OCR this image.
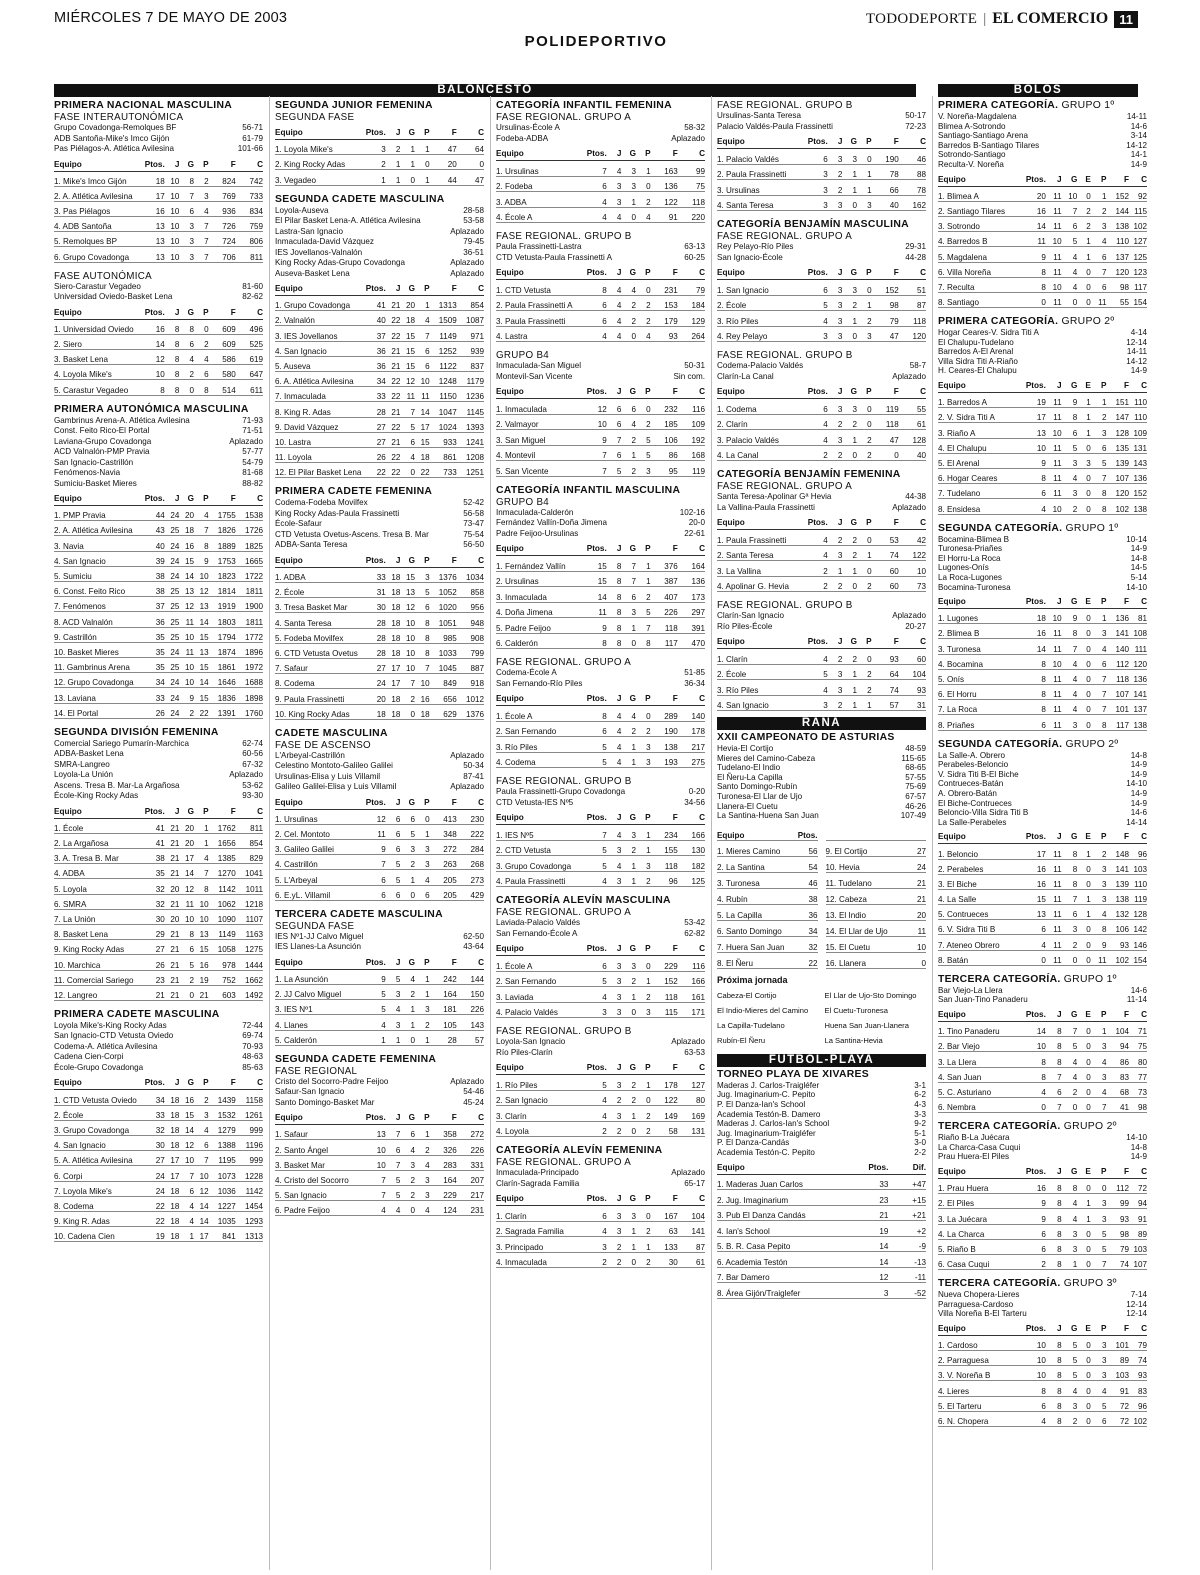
MIÉRCOLES 7 DE MAYO DE 2003
POLIDEPORTIVO
TODODEPORTE | EL COMERCIO 11
BALONCESTO	BOLOS
PRIMERA NACIONAL MASCULINA
FASE INTERAUTONÓMICA
Grupo Covadonga-Remolques BF	56-71
ADB Santoña-Mike's Imco Gijón	61-79
Pas Piélagos-A. Atlética Avilesina	101-66
Equipo	Ptos.	J	G	P	F	C
1. Mike's Imco Gijón	18	10	8	2	824	742
2. A. Atlética Avilesina	17	10	7	3	769	733
3. Pas Piélagos	16	10	6	4	936	834
4. ADB Santoña	13	10	3	7	726	759
5. Remolques BP	13	10	3	7	724	806
6. Grupo Covadonga	13	10	3	7	706	811
FASE AUTONÓMICA
Siero-Carastur Vegadeo	81-60
Universidad Oviedo-Basket Lena	82-62
Equipo	Ptos.	J	G	P	F	C
1. Universidad Oviedo	16	8	8	0	609	496
2. Siero	14	8	6	2	609	525
3. Basket Lena	12	8	4	4	586	619
4. Loyola Mike's	10	8	2	6	580	647
5. Carastur Vegadeo	8	8	0	8	514	611
PRIMERA AUTONÓMICA MASCULINA
Gambrinus Arena-A. Atlética Avilesina	71-93
Const. Feito Rico-El Portal	71-51
Laviana-Grupo Covadonga	Aplazado
ACD Valnalón-PMP Pravia	57-77
San Ignacio-Castrillón	54-79
Fenómenos-Navia	81-68
Sumiciu-Basket Mieres	88-82
Equipo	Ptos.	J	G	P	F	C
1. PMP Pravia	44	24	20	4	1755	1538
2. A. Atlética Avilesina	43	25	18	7	1826	1726
3. Navia	40	24	16	8	1889	1825
4. San Ignacio	39	24	15	9	1753	1665
5. Sumiciu	38	24	14	10	1823	1722
6. Const. Feito Rico	38	25	13	12	1814	1811
7. Fenómenos	37	25	12	13	1919	1900
8. ACD Valnalón	36	25	11	14	1803	1811
9. Castrillón	35	25	10	15	1794	1772
10. Basket Mieres	35	24	11	13	1874	1896
11. Gambrinus Arena	35	25	10	15	1861	1972
12. Grupo Covadonga	34	24	10	14	1646	1688
13. Laviana	33	24	9	15	1836	1898
14. El Portal	26	24	2	22	1391	1760
SEGUNDA DIVISIÓN FEMENINA
Comercial Sariego Pumarín-Marchica	62-74
ADBA-Basket Lena	60-56
SMRA-Langreo	67-32
Loyola-La Unión	Aplazado
Ascens. Tresa B. Mar-La Argañosa	53-62
École-King Rocky Adas	93-30
Equipo	Ptos.	J	G	P	F	C
1. École	41	21	20	1	1762	811
2. La Argañosa	41	21	20	1	1656	854
3. A. Tresa B. Mar	38	21	17	4	1385	829
4. ADBA	35	21	14	7	1270	1041
5. Loyola	32	20	12	8	1142	1011
6. SMRA	32	21	11	10	1062	1218
7. La Unión	30	20	10	10	1090	1107
8. Basket Lena	29	21	8	13	1149	1163
9. King Rocky Adas	27	21	6	15	1058	1275
10. Marchica	26	21	5	16	978	1444
11. Comercial Sariego	23	21	2	19	752	1662
12. Langreo	21	21	0	21	603	1492
PRIMERA CADETE MASCULINA
Loyola Mike's-King Rocky Adas	72-44
San Ignacio-CTD Vetusta Oviedo	69-74
Codema-A. Atlética Avilesina	70-93
Cadena Cien-Corpi	48-63
École-Grupo Covadonga	85-63
Equipo	Ptos.	J	G	P	F	C
1. CTD Vetusta Oviedo	34	18	16	2	1439	1158
2. École	33	18	15	3	1532	1261
3. Grupo Covadonga	32	18	14	4	1279	999
4. San Ignacio	30	18	12	6	1388	1196
5. A. Atlética Avilesina	27	17	10	7	1195	999
6. Corpi	24	17	7	10	1073	1228
7. Loyola Mike's	24	18	6	12	1036	1142
8. Codema	22	18	4	14	1227	1454
9. King R. Adas	22	18	4	14	1035	1293
10. Cadena Cien	19	18	1	17	841	1313
SEGUNDA JUNIOR FEMENINA
SEGUNDA FASE
Equipo	Ptos.	J	G	P	F	C
1. Loyola Mike's	3	2	1	1	47	64
2. King Rocky Adas	2	1	1	0	20	0
3. Vegadeo	1	1	0	1	44	47
SEGUNDA CADETE MASCULINA
Loyola-Auseva	28-58
El Pilar Basket Lena-A. Atlética Avilesina	53-58
Lastra-San Ignacio	Aplazado
Inmaculada-David Vázquez	79-45
IES Jovellanos-Valnalón	36-51
King Rocky Adas-Grupo Covadonga	Aplazado
Auseva-Basket Lena	Aplazado
Equipo	Ptos.	J	G	P	F	C
1. Grupo Covadonga	41	21	20	1	1313	854
2. Valnalón	40	22	18	4	1509	1087
3. IES Jovellanos	37	22	15	7	1149	971
4. San Ignacio	36	21	15	6	1252	939
5. Auseva	36	21	15	6	1122	837
6. A. Atlética Avilesina	34	22	12	10	1248	1179
7. Inmaculada	33	22	11	11	1150	1236
8. King R. Adas	28	21	7	14	1047	1145
9. David Vázquez	27	22	5	17	1024	1393
10. Lastra	27	21	6	15	933	1241
11. Loyola	26	22	4	18	861	1208
12. El Pilar Basket Lena	22	22	0	22	733	1251
PRIMERA CADETE FEMENINA
Codema-Fodeba Movilfex	52-42
King Rocky Adas-Paula Frassinetti	56-58
École-Safaur	73-47
CTD Vetusta Ovetus-Ascens. Tresa B. Mar	75-54
ADBA-Santa Teresa	56-50
Equipo	Ptos.	J	G	P	F	C
1. ADBA	33	18	15	3	1376	1034
2. École	31	18	13	5	1052	858
3. Tresa Basket Mar	30	18	12	6	1020	956
4. Santa Teresa	28	18	10	8	1051	948
5. Fodeba Movilfex	28	18	10	8	985	908
6. CTD Vetusta Ovetus	28	18	10	8	1033	799
7. Safaur	27	17	10	7	1045	887
8. Codema	24	17	7	10	849	918
9. Paula Frassinetti	20	18	2	16	656	1012
10. King Rocky Adas	18	18	0	18	629	1376
CADETE MASCULINA
FASE DE ASCENSO
L'Arbeyal-Castrillón	Aplazado
Celestino Montoto-Galileo Galilei	50-34
Ursulinas-Elisa y Luis Villamil	87-41
Galileo Galilei-Elisa y Luis Villamil	Aplazado
Equipo	Ptos.	J	G	P	F	C
1. Ursulinas	12	6	6	0	413	230
2. Cel. Montoto	11	6	5	1	348	222
3. Galileo Galilei	9	6	3	3	272	284
4. Castrillón	7	5	2	3	263	268
5. L'Arbeyal	6	5	1	4	205	273
6. E.yL. Villamil	6	6	0	6	205	429
TERCERA CADETE MASCULINA
SEGUNDA FASE
IES Nº1-JJ Calvo Miguel	62-50
IES Llanes-La Asunción	43-64
Equipo	Ptos.	J	G	P	F	C
1. La Asunción	9	5	4	1	242	144
2. JJ Calvo Miguel	5	3	2	1	164	150
3. IES Nº1	5	4	1	3	181	226
4. Llanes	4	3	1	2	105	143
5. Calderón	1	1	0	1	28	57
SEGUNDA CADETE FEMENINA
FASE REGIONAL
Cristo del Socorro-Padre Feijoo	Aplazado
Safaur-San Ignacio	54-46
Santo Domingo-Basket Mar	45-24
Equipo	Ptos.	J	G	P	F	C
1. Safaur	13	7	6	1	358	272
2. Santo Ángel	10	6	4	2	326	226
3. Basket Mar	10	7	3	4	283	331
4. Cristo del Socorro	7	5	2	3	164	207
5. San Ignacio	7	5	2	3	229	217
6. Padre Feijoo	4	4	0	4	124	231
CATEGORÍA INFANTIL FEMENINA
FASE REGIONAL. GRUPO A
Ursulinas-École A	58-32
Fodeba-ADBA	Aplazado
Equipo	Ptos.	J	G	P	F	C
1. Ursulinas	7	4	3	1	163	99
2. Fodeba	6	3	3	0	136	75
3. ADBA	4	3	1	2	122	118
4. École A	4	4	0	4	91	220
FASE REGIONAL. GRUPO B
Paula Frassinetti-Lastra	63-13
CTD Vetusta-Paula Frassinetti A	60-25
Equipo	Ptos.	J	G	P	F	C
1. CTD Vetusta	8	4	4	0	231	79
2. Paula Frassinetti A	6	4	2	2	153	184
3. Paula Frassinetti	6	4	2	2	179	129
4. Lastra	4	4	0	4	93	264
GRUPO B4
Inmaculada-San Miguel	50-31
Montevil-San Vicente	Sin com.
Equipo	Ptos.	J	G	P	F	C
1. Inmaculada	12	6	6	0	232	116
2. Valmayor	10	6	4	2	185	109
3. San Miguel	9	7	2	5	106	192
4. Montevil	7	6	1	5	86	168
5. San Vicente	7	5	2	3	95	119
CATEGORÍA INFANTIL MASCULINA
GRUPO B4
Inmaculada-Calderón	102-16
Fernández Vallín-Doña Jimena	20-0
Padre Feijoo-Ursulinas	22-61
Equipo	Ptos.	J	G	P	F	C
1. Fernández Vallín	15	8	7	1	376	164
2. Ursulinas	15	8	7	1	387	136
3. Inmaculada	14	8	6	2	407	173
4. Doña Jimena	11	8	3	5	226	297
5. Padre Feijoo	9	8	1	7	118	391
6. Calderón	8	8	0	8	117	470
FASE REGIONAL. GRUPO A
Codema-École A	51-85
San Fernando-Río Piles	36-34
Equipo	Ptos.	J	G	P	F	C
1. École A	8	4	4	0	289	140
2. San Fernando	6	4	2	2	190	178
3. Río Piles	5	4	1	3	138	217
4. Codema	5	4	1	3	193	275
FASE REGIONAL. GRUPO B
Paula Frassinetti-Grupo Covadonga	0-20
CTD Vetusta-IES Nº5	34-56
Equipo	Ptos.	J	G	P	F	C
1. IES Nº5	7	4	3	1	234	166
2. CTD Vetusta	5	3	2	1	155	130
3. Grupo Covadonga	5	4	1	3	118	182
4. Paula Frassinetti	4	3	1	2	96	125
CATEGORÍA ALEVÍN MASCULINA
FASE REGIONAL. GRUPO A
Laviada-Palacio Valdés	53-42
San Fernando-École A	62-82
Equipo	Ptos.	J	G	P	F	C
1. École A	6	3	3	0	229	116
2. San Fernando	5	3	2	1	152	166
3. Laviada	4	3	1	2	118	161
4. Palacio Valdés	3	3	0	3	115	171
FASE REGIONAL. GRUPO B
Loyola-San Ignacio	Aplazado
Río Piles-Clarín	63-53
Equipo	Ptos.	J	G	P	F	C
1. Río Piles	5	3	2	1	178	127
2. San Ignacio	4	2	2	0	122	80
3. Clarín	4	3	1	2	149	169
4. Loyola	2	2	0	2	58	131
CATEGORÍA ALEVÍN FEMENINA
FASE REGIONAL. GRUPO A
Inmaculada-Principado	Aplazado
Clarín-Sagrada Familia	65-17
Equipo	Ptos.	J	G	P	F	C
1. Clarín	6	3	3	0	167	104
2. Sagrada Familia	4	3	1	2	63	141
3. Principado	3	2	1	1	133	87
4. Inmaculada	2	2	0	2	30	61
FASE REGIONAL. GRUPO B
Ursulinas-Santa Teresa	50-17
Palacio Valdés-Paula Frassinetti	72-23
Equipo	Ptos.	J	G	P	F	C
1. Palacio Valdés	6	3	3	0	190	46
2. Paula Frassinetti	3	2	1	1	78	88
3. Ursulinas	3	2	1	1	66	78
4. Santa Teresa	3	3	0	3	40	162
CATEGORÍA BENJAMÍN MASCULINA
FASE REGIONAL. GRUPO A
Rey Pelayo-Río Piles	29-31
San Ignacio-École	44-28
Equipo	Ptos.	J	G	P	F	C
1. San Ignacio	6	3	3	0	152	51
2. École	5	3	2	1	98	87
3. Río Piles	4	3	1	2	79	118
4. Rey Pelayo	3	3	0	3	47	120
FASE REGIONAL. GRUPO B
Codema-Palacio Valdés	58-7
Clarín-La Canal	Aplazado
Equipo	Ptos.	J	G	P	F	C
1. Codema	6	3	3	0	119	55
2. Clarín	4	2	2	0	118	61
3. Palacio Valdés	4	3	1	2	47	128
4. La Canal	2	2	0	2	0	40
CATEGORÍA BENJAMÍN FEMENINA
FASE REGIONAL. GRUPO A
Santa Teresa-Apolinar Gª Hevia	44-38
La Vallina-Paula Frassinetti	Aplazado
Equipo	Ptos.	J	G	P	F	C
1. Paula Frassinetti	4	2	2	0	53	42
2. Santa Teresa	4	3	2	1	74	122
3. La Vallina	2	1	1	0	60	10
4. Apolinar G. Hevia	2	2	0	2	60	73
FASE REGIONAL. GRUPO B
Clarín-San Ignacio	Aplazado
Río Piles-École	20-27
Equipo	Ptos.	J	G	P	F	C
1. Clarín	4	2	2	0	93	60
2. École	5	3	1	2	64	104
3. Río Piles	4	3	1	2	74	93
4. San Ignacio	3	2	1	1	57	31
RANA
XXII CAMPEONATO DE ASTURIAS
Hevia-El Cortijo	48-59
Mieres del Camino-Cabeza	115-65
Tudelano-El Indio	68-65
El Ñeru-La Capilla	57-55
Santo Domingo-Rubín	75-69
Turonesa-El Llar de Ujo	67-57
Llanera-El Cuetu	46-26
La Santina-Huena San Juan	107-49
Equipo	Ptos.
1. Mieres Camino	56 9. El Cortijo	27
2. La Santina	54 10. Hevia	24
3. Turonesa	46 11. Tudelano	21
4. Rubín	38 12. Cabeza	21
5. La Capilla	36 13. El Indio	20
6. Santo Domingo	34 14. El Llar de Ujo	11
7. Huera San Juan	32 15. El Cuetu	10
8. El Ñeru	22 16. Llanera	0
Próxima jornada
Cabeza-El Cortijo	El Llar de Ujo-Sto Domingo
El Indio-Mieres del Camino	El Cuetu-Turonesa
La Capilla-Tudelano	Huena San Juan-Llanera
Rubín-El Ñeru	La Santina-Hevia
FÚTBOL-PLAYA
TORNEO PLAYA DE XIVARES
Maderas J. Carlos-Traigléfer	3-1
Jug. Imaginarium-C. Pepito	6-2
P. El Danza-Ian's School	4-3
Academia Testón-B. Damero	3-3
Maderas J. Carlos-Ian's School	9-2
Jug. Imaginarium-Traigléfer	5-1
P. El Danza-Candás	3-0
Academia Testón-C. Pepito	2-2
Equipo	Ptos.	Dif.
1. Maderas Juan Carlos	33	+47
2. Jug. Imaginarium	23	+15
3. Pub El Danza Candás	21	+21
4. Ian's School	19	+2
5. B. R. Casa Pepito	14	-9
6. Academia Testón	14	-13
7. Bar Damero	12	-11
8. Área Gijón/Traiglefer	3	-52
PRIMERA CATEGORÍA. GRUPO 1º
V. Noreña-Magdalena	14-11
Blimea A-Sotrondo	14-6
Santiago-Santiago Arena	3-14
Barredos B-Santiago Tilares	14-12
Sotrondo-Santiago	14-1
Recultа-V. Noreña	14-9
Equipo	Ptos.	J	G	E	P	F	C
1. Blimea A	20	11	10	0	1	152	92
2. Santiago Tilares	16	11	7	2	2	144	115
3. Sotrondo	14	11	6	2	3	138	102
4. Barredos B	11	10	5	1	4	110	127
5. Magdalena	9	11	4	1	6	137	125
6. Villa Noreña	8	11	4	0	7	120	123
7. Recultа	8	10	4	0	6	98	117
8. Santiago	0	11	0	0	11	55	154
PRIMERA CATEGORÍA. GRUPO 2º
Hogar Ceares-V. Sidra Titi A	4-14
El Chalupu-Tudelano	12-14
Barredos A-El Arenal	14-11
Villa Sidra Titi A-Riaño	14-12
H. Ceares-El Chalupu	14-9
Equipo	Ptos.	J	G	E	P	F	C
1. Barredos A	19	11	9	1	1	151	110
2. V. Sidra Titi A	17	11	8	1	2	147	110
3. Riaño A	13	10	6	1	3	128	109
4. El Chalupu	10	11	5	0	6	135	131
5. El Arenal	9	11	3	3	5	139	143
6. Hogar Ceares	8	11	4	0	7	107	136
7. Tudelano	6	11	3	0	8	120	152
8. Ensidesa	4	10	2	0	8	102	138
SEGUNDA CATEGORÍA. GRUPO 1º
Bocamina-Blimea B	10-14
Turonesa-Priañes	14-9
El Horru-La Roca	14-8
Lugones-Onís	14-5
La Roca-Lugones	5-14
Bocamina-Turonesa	14-10
Equipo	Ptos.	J	G	E	P	F	C
1. Lugones	18	10	9	0	1	136	81
2. Blimea B	16	11	8	0	3	141	108
3. Turonesa	14	11	7	0	4	140	111
4. Bocamina	8	10	4	0	6	112	120
5. Onís	8	11	4	0	7	118	136
6. El Horru	8	11	4	0	7	107	141
7. La Roca	8	11	4	0	7	101	137
8. Priañes	6	11	3	0	8	117	138
SEGUNDA CATEGORÍA. GRUPO 2º
La Salle-A. Obrero	14-8
Perabeles-Beloncio	14-9
V. Sidra Titi B-El Biche	14-9
Contrueces-Batán	14-10
A. Obrero-Batán	14-9
El Biche-Contrueces	14-9
Beloncio-Villa Sidra Titi B	14-6
La Salle-Perabeles	14-14
Equipo	Ptos.	J	G	E	P	F	C
1. Beloncio	17	11	8	1	2	148	96
2. Perabeles	16	11	8	0	3	141	103
3. El Biche	16	11	8	0	3	139	110
4. La Salle	15	11	7	1	3	138	119
5. Contrueces	13	11	6	1	4	132	128
6. V. Sidra Titi B	6	11	3	0	8	106	142
7. Ateneo Obrero	4	11	2	0	9	93	146
8. Batán	0	11	0	0	11	102	154
TERCERA CATEGORÍA. GRUPO 1º
Bar Viejo-La Llera	14-6
San Juan-Tino Panaderu	11-14
Equipo	Ptos.	J	G	E	P	F	C
1. Tino Panaderu	14	8	7	0	1	104	71
2. Bar Viejo	10	8	5	0	3	94	75
3. La Llera	8	8	4	0	4	86	80
4. San Juan	8	7	4	0	3	83	77
5. C. Asturiano	4	6	2	0	4	68	73
6. Nembra	0	7	0	0	7	41	98
TERCERA CATEGORÍA. GRUPO 2º
Riaño B-La Juécara	14-10
La Charca-Casa Cuqui	14-8
Prau Huera-El Piles	14-9
Equipo	Ptos.	J	G	E	P	F	C
1. Prau Huera	16	8	8	0	0	112	72
2. El Piles	9	8	4	1	3	99	94
3. La Juécara	9	8	4	1	3	93	91
4. La Charca	6	8	3	0	5	98	89
5. Riaño B	6	8	3	0	5	79	103
6. Casa Cuqui	2	8	1	0	7	74	107
TERCERA CATEGORÍA. GRUPO 3º
Nueva Chopera-Lieres	7-14
Parraguesa-Cardoso	12-14
Villa Noreña B-El Tarteru	12-14
Equipo	Ptos.	J	G	E	P	F	C
1. Cardoso	10	8	5	0	3	101	79
2. Parraguesa	10	8	5	0	3	89	74
3. V. Noreña B	10	8	5	0	3	103	93
4. Lieres	8	8	4	0	4	91	83
5. El Tarteru	6	8	3	0	5	72	96
6. N. Chopera	4	8	2	0	6	72	102
